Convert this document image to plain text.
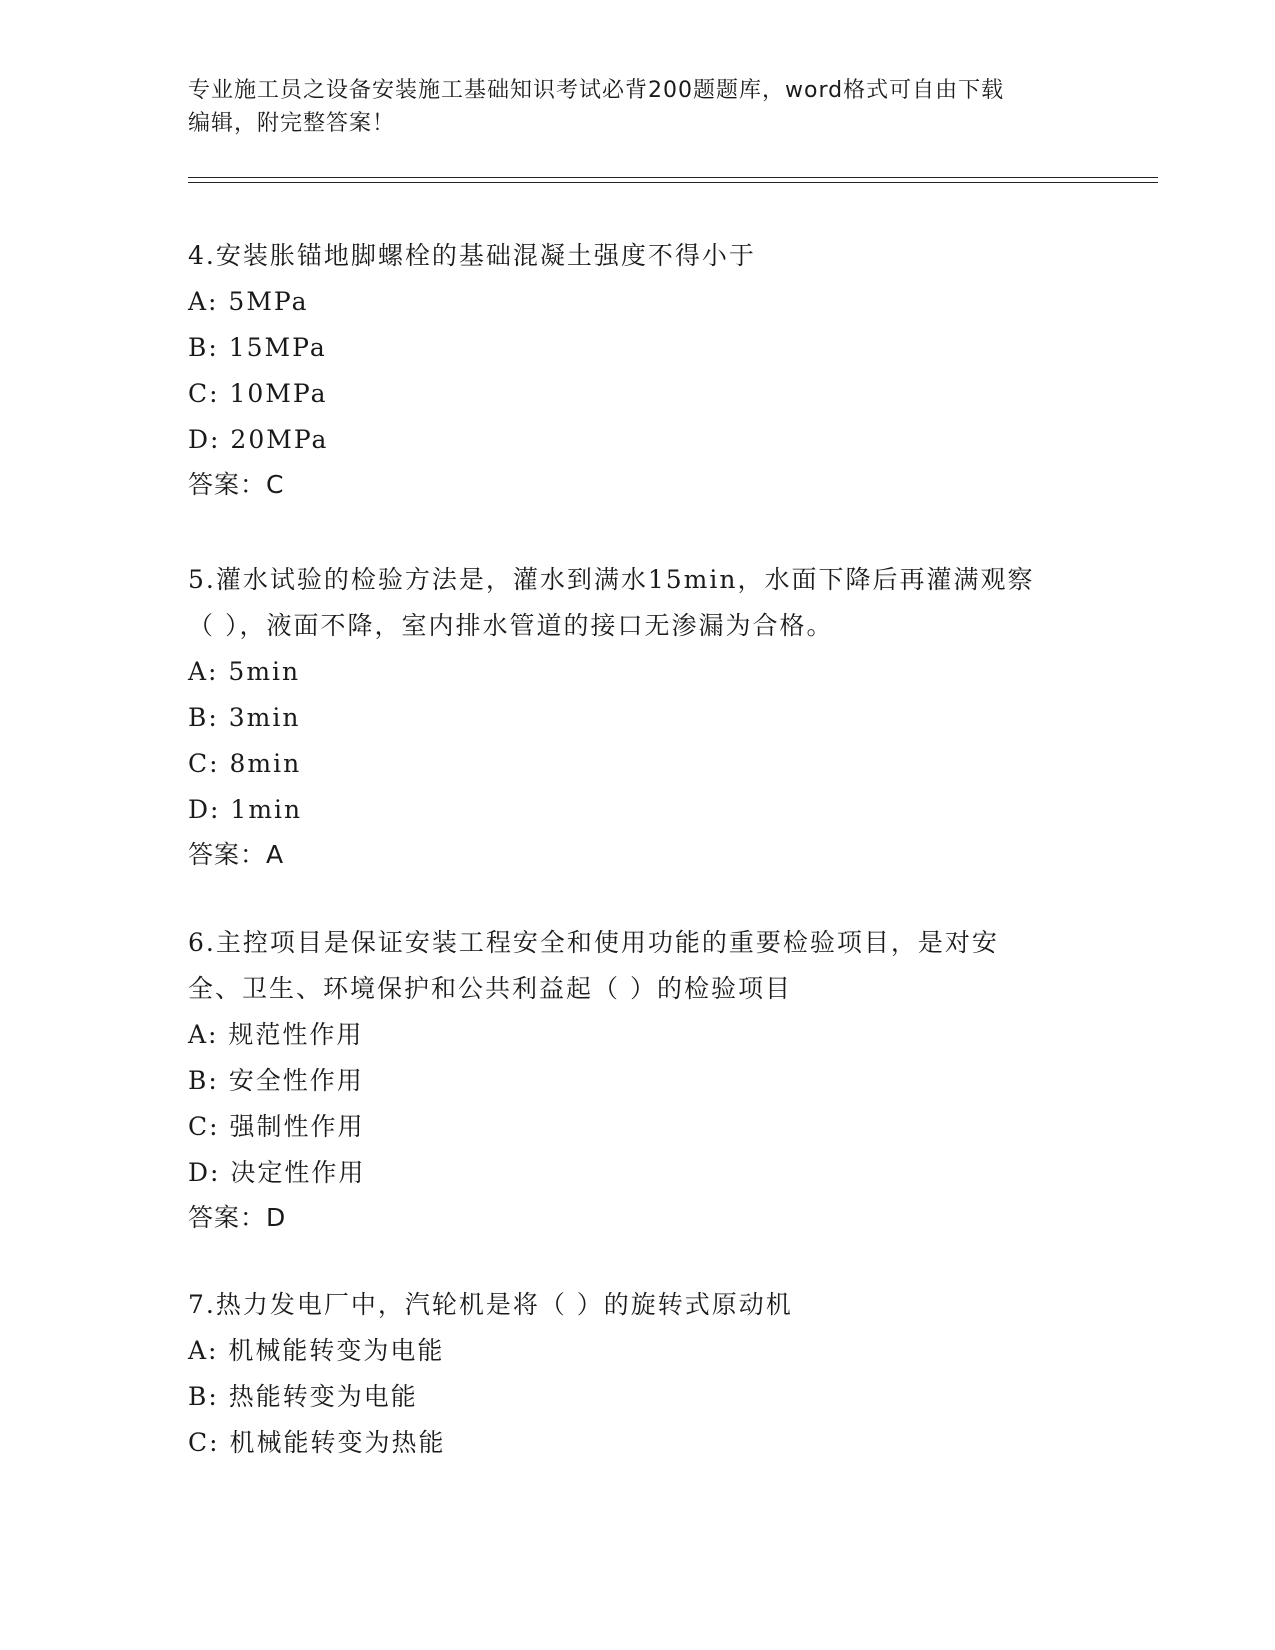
专业施工员之设备安装施工基础知识考试必背200题题库，word格式可自由下载
编辑，附完整答案！
4.安装胀锚地脚螺栓的基础混凝土强度不得小于
A: 5MPa
B: 15MPa
C: 10MPa
D: 20MPa
答案：C
5.灌水试验的检验方法是，灌水到满水15min，水面下降后再灌满观察
（ ），液面不降，室内排水管道的接口无渗漏为合格。
A: 5min
B: 3min
C: 8min
D: 1min
答案：A
6.主控项目是保证安装工程安全和使用功能的重要检验项目，是对安
全、卫生、环境保护和公共利益起（ ）的检验项目
A: 规范性作用
B: 安全性作用
C: 强制性作用
D: 决定性作用
答案：D
7.热力发电厂中，汽轮机是将（ ）的旋转式原动机
A: 机械能转变为电能
B: 热能转变为电能
C: 机械能转变为热能
